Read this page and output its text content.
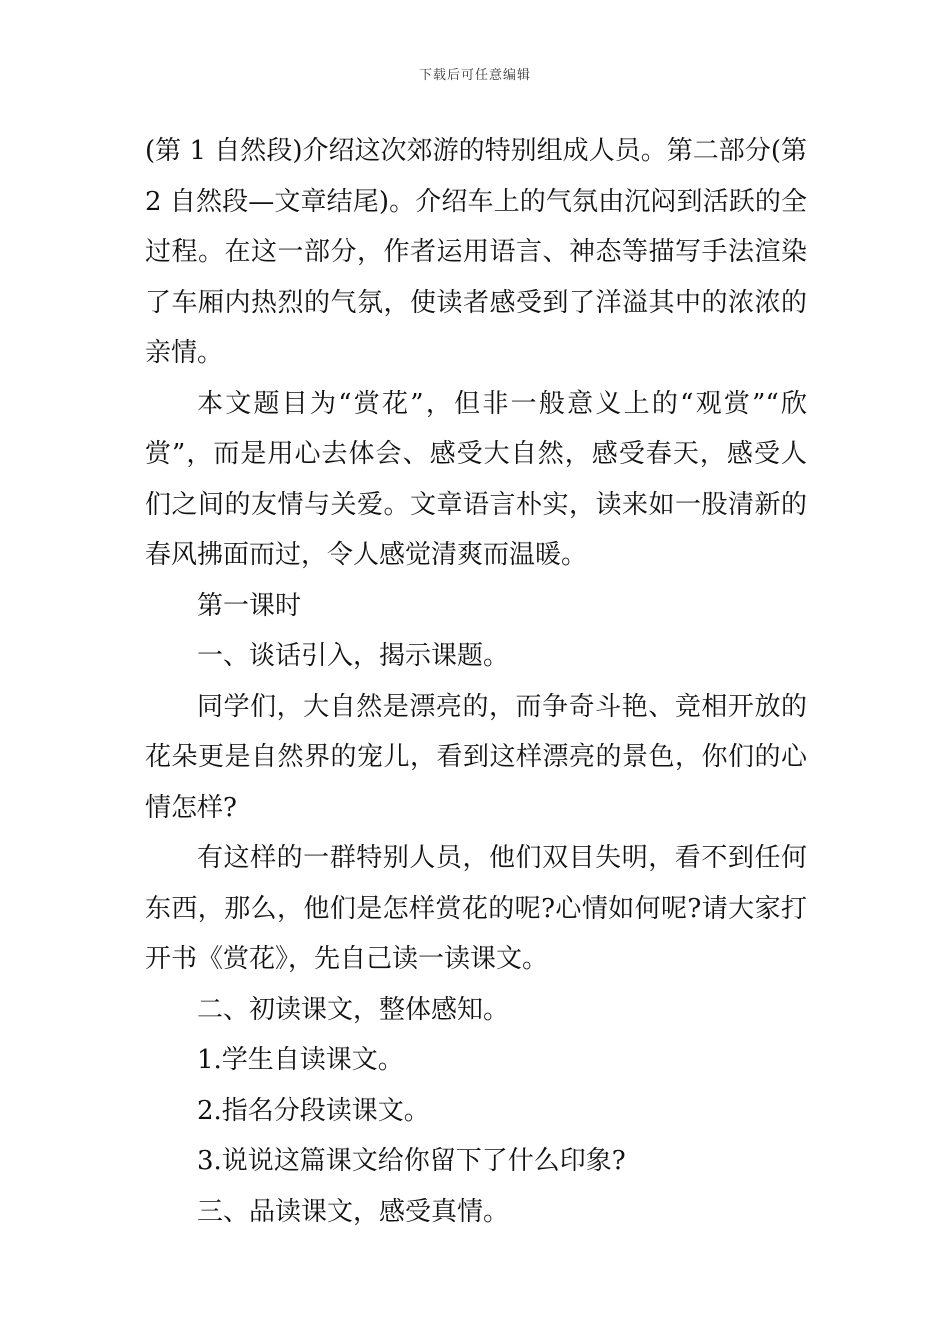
下载后可任意编辑

(第 1 自然段)介绍这次郊游的特别组成人员。第二部分(第 2 自然段—文章结尾)。介绍车上的气氛由沉闷到活跃的全过程。在这一部分，作者运用语言、神态等描写手法渲染了车厢内热烈的气氛，使读者感受到了洋溢其中的浓浓的亲情。

本文题目为“赏花”，但非一般意义上的“观赏”“欣赏”，而是用心去体会、感受大自然，感受春天，感受人们之间的友情与关爱。文章语言朴实，读来如一股清新的春风拂面而过，令人感觉清爽而温暖。

第一课时

一、谈话引入，揭示课题。

同学们，大自然是漂亮的，而争奇斗艳、竞相开放的花朵更是自然界的宠儿，看到这样漂亮的景色，你们的心情怎样?

有这样的一群特别人员，他们双目失明，看不到任何东西，那么，他们是怎样赏花的呢?心情如何呢?请大家打开书《赏花》，先自己读一读课文。

二、初读课文，整体感知。

1.学生自读课文。

2.指名分段读课文。

3.说说这篇课文给你留下了什么印象?

三、品读课文，感受真情。
